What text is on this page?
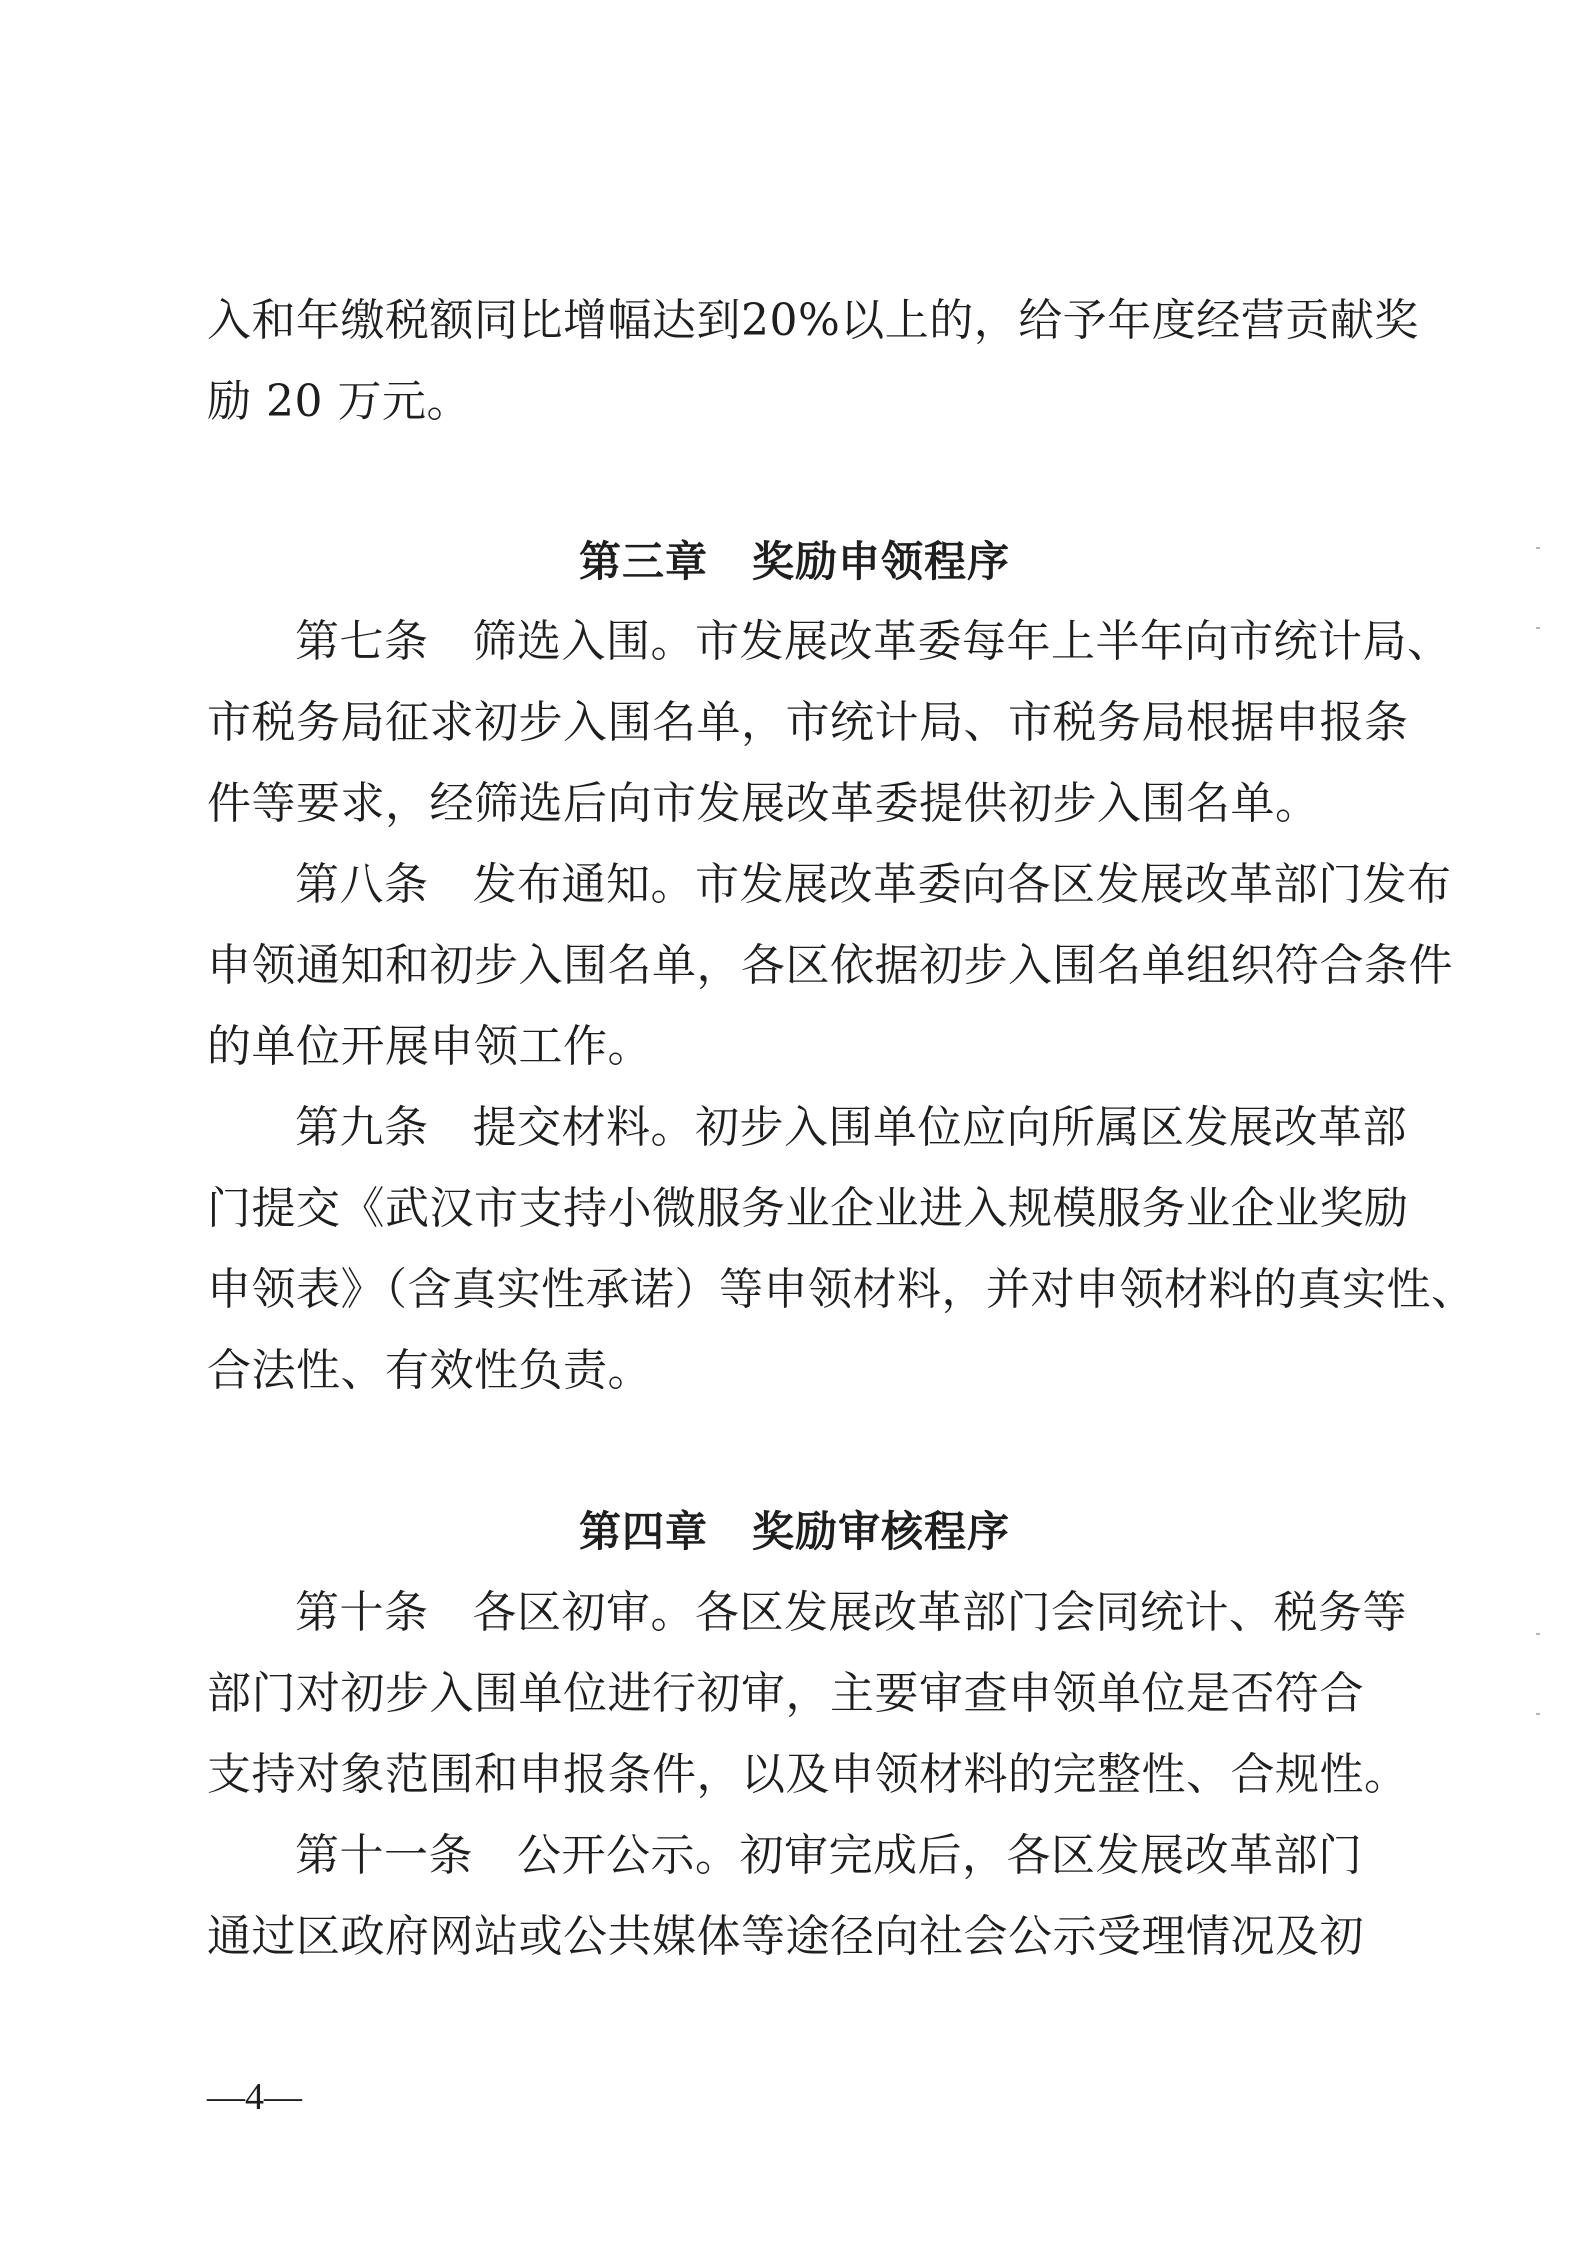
入和年缴税额同比增幅达到20%以上的，给予年度经营贡献奖
励 20 万元。
第三章 奖励申领程序
第七条 筛选入围。市发展改革委每年上半年向市统计局、
市税务局征求初步入围名单，市统计局、市税务局根据申报条
件等要求，经筛选后向市发展改革委提供初步入围名单。
第八条 发布通知。市发展改革委向各区发展改革部门发布
申领通知和初步入围名单，各区依据初步入围名单组织符合条件
的单位开展申领工作。
第九条 提交材料。初步入围单位应向所属区发展改革部
门提交《武汉市支持小微服务业企业进入规模服务业企业奖励
申领表》（含真实性承诺）等申领材料，并对申领材料的真实性、
合法性、有效性负责。
第四章 奖励审核程序
第十条 各区初审。各区发展改革部门会同统计、税务等
部门对初步入围单位进行初审，主要审查申领单位是否符合
支持对象范围和申报条件，以及申领材料的完整性、合规性。
第十一条 公开公示。初审完成后，各区发展改革部门
通过区政府网站或公共媒体等途径向社会公示受理情况及初
—4—
